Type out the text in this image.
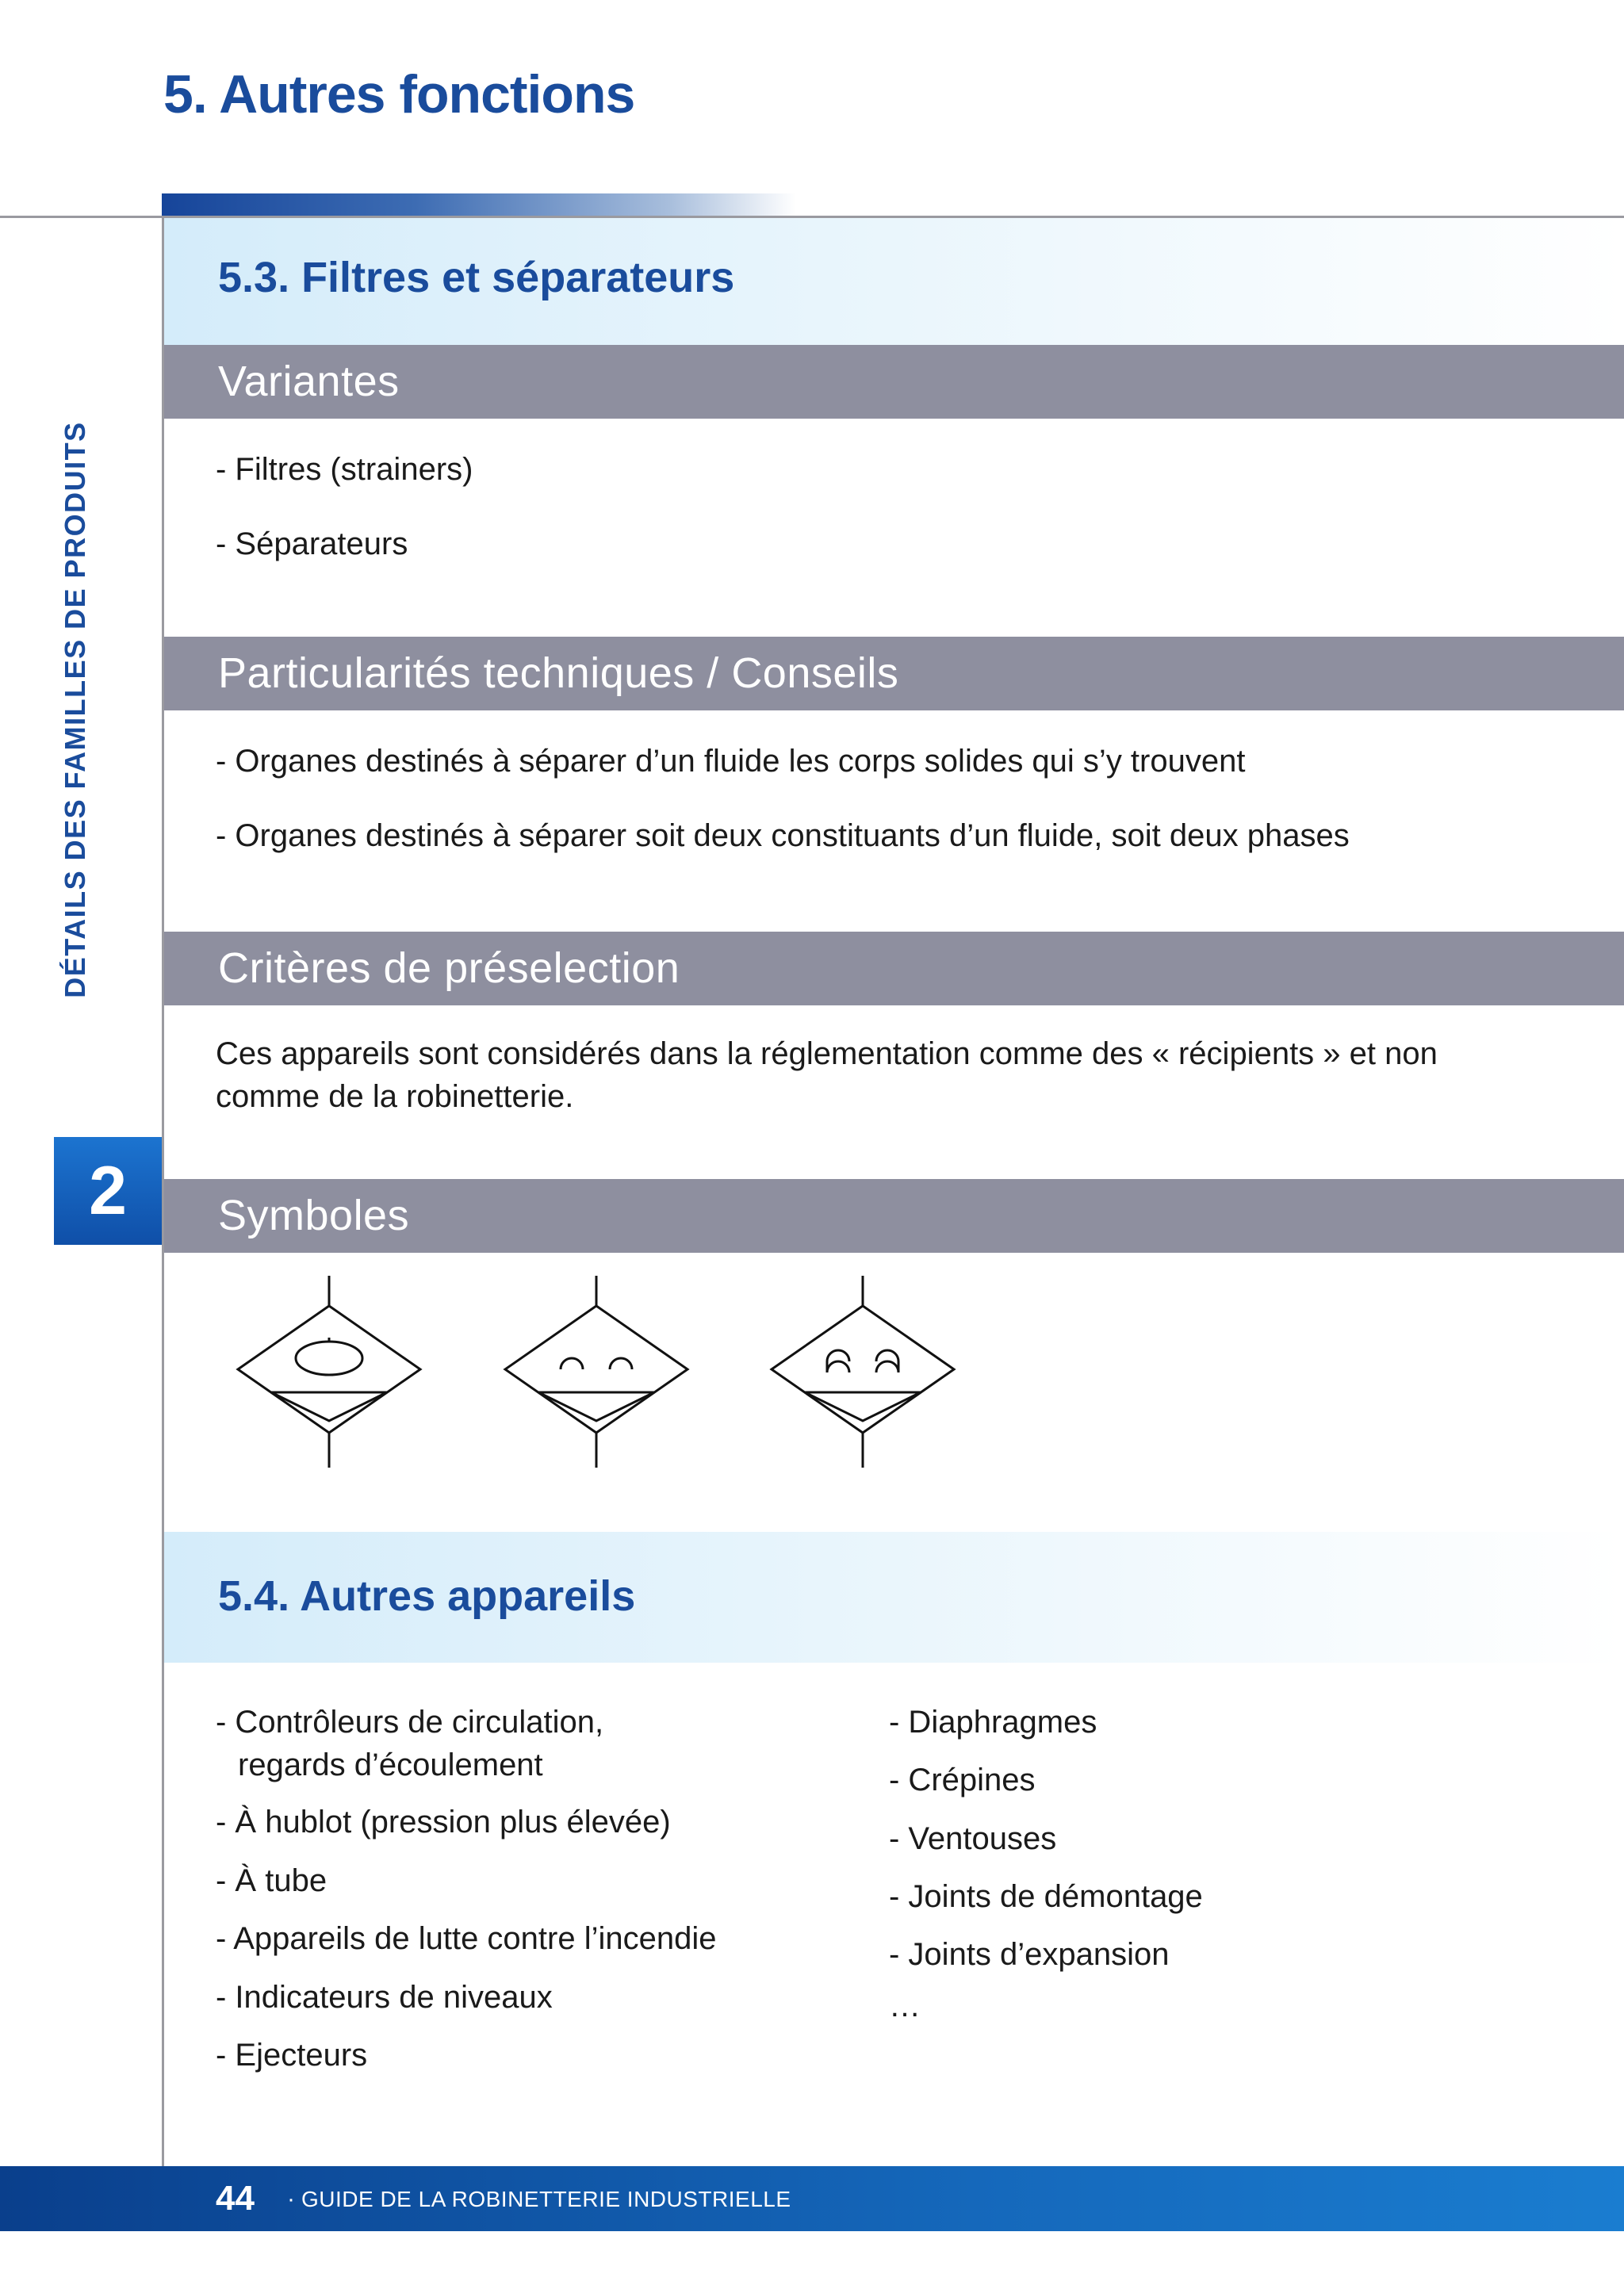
5. Autres fonctions
DÉTAILS DES FAMILLES DE PRODUITS
2
5.3. Filtres et séparateurs
Variantes
- Filtres (strainers)
- Séparateurs
Particularités techniques / Conseils
- Organes destinés à séparer d’un fluide les corps solides qui s’y trouvent
- Organes destinés à séparer soit deux constituants d’un fluide, soit deux phases
Critères de préselection

Ces appareils sont considérés dans la réglementation comme des « récipients » et non

comme de la robinetterie.

Symboles
5.4. Autres appareils
- Contrôleurs de circulation,
regards d’écoulement
- À hublot (pression plus élevée)
- À tube
- Appareils de lutte contre l’incendie
- Indicateurs de niveaux
- Ejecteurs
- Diaphragmes
- Crépines
- Ventouses
- Joints de démontage
- Joints d’expansion
…
44 · GUIDE DE LA ROBINETTERIE INDUSTRIELLE
